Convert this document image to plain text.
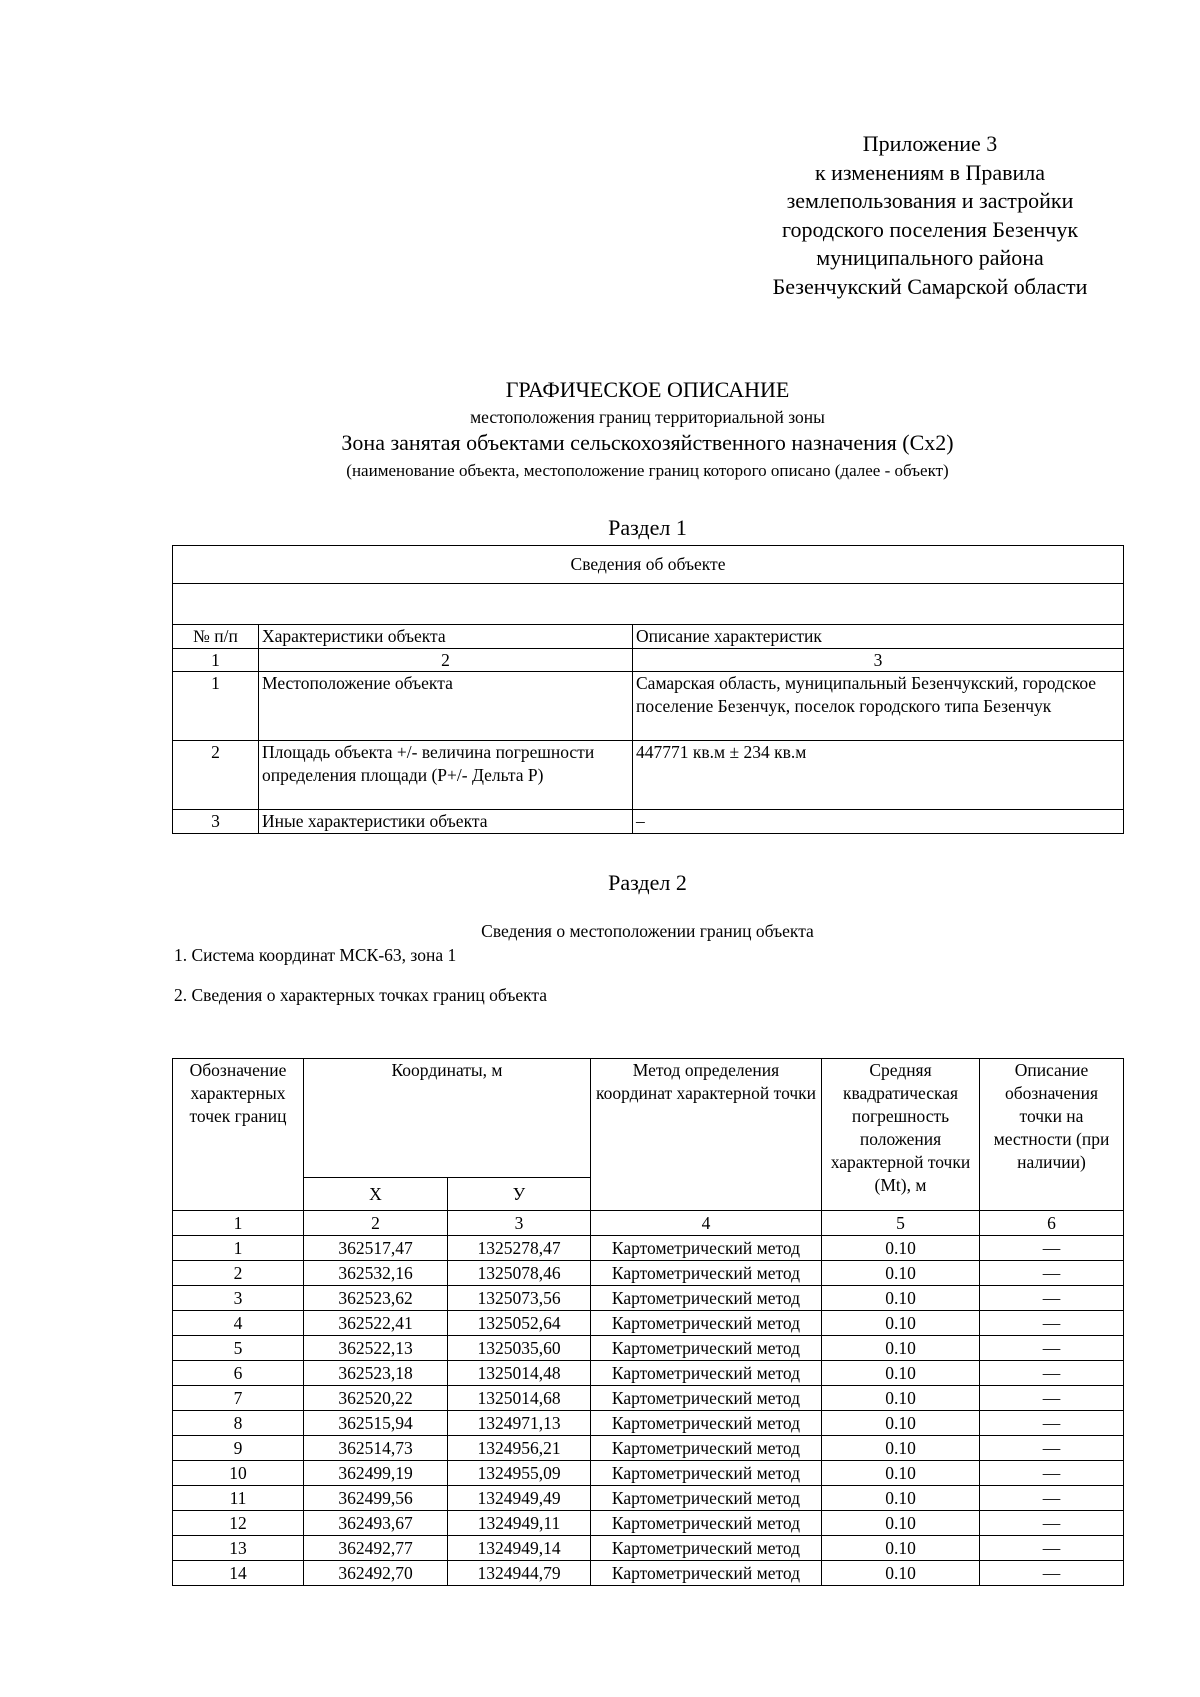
Приложение 3
к изменениям в Правила
землепользования и застройки
городского поселения Безенчук
муниципального района
Безенчукский Самарской области
ГРАФИЧЕСКОЕ ОПИСАНИЕ
местоположения границ территориальной зоны
Зона занятая объектами сельскохозяйственного назначения (Сх2)
(наименование объекта, местоположение границ которого описано (далее - объект)
Раздел 1
Сведения об объекте		

№ п/п	Характеристики объекта	Описание характеристик
1	2	3
1	Местоположение объекта	Самарская область, муниципальный Безенчукский, городское поселение Безенчук, поселок городского типа Безенчук
2	Площадь объекта +/- величина погрешности определения площади (P+/- Дельта P)	447771 кв.м ± 234 кв.м
3	Иные характеристики объекта	–
Раздел 2
Сведения о местоположении границ объекта
1. Система координат МСК-63, зона 1
2. Сведения о характерных точках границ объекта
Обозначение характерных точек границ	Координаты, м		Метод определения координат характерной точки	Средняя квадратическая погрешность положения характерной точки (Mt), м	Описание обозначения точки на местности (при наличии)
	X	У			
1	2	3	4	5	6
1	362517,47	1325278,47	Картометрический метод	0.10	—
2	362532,16	1325078,46	Картометрический метод	0.10	—
3	362523,62	1325073,56	Картометрический метод	0.10	—
4	362522,41	1325052,64	Картометрический метод	0.10	—
5	362522,13	1325035,60	Картометрический метод	0.10	—
6	362523,18	1325014,48	Картометрический метод	0.10	—
7	362520,22	1325014,68	Картометрический метод	0.10	—
8	362515,94	1324971,13	Картометрический метод	0.10	—
9	362514,73	1324956,21	Картометрический метод	0.10	—
10	362499,19	1324955,09	Картометрический метод	0.10	—
11	362499,56	1324949,49	Картометрический метод	0.10	—
12	362493,67	1324949,11	Картометрический метод	0.10	—
13	362492,77	1324949,14	Картометрический метод	0.10	—
14	362492,70	1324944,79	Картометрический метод	0.10	—
